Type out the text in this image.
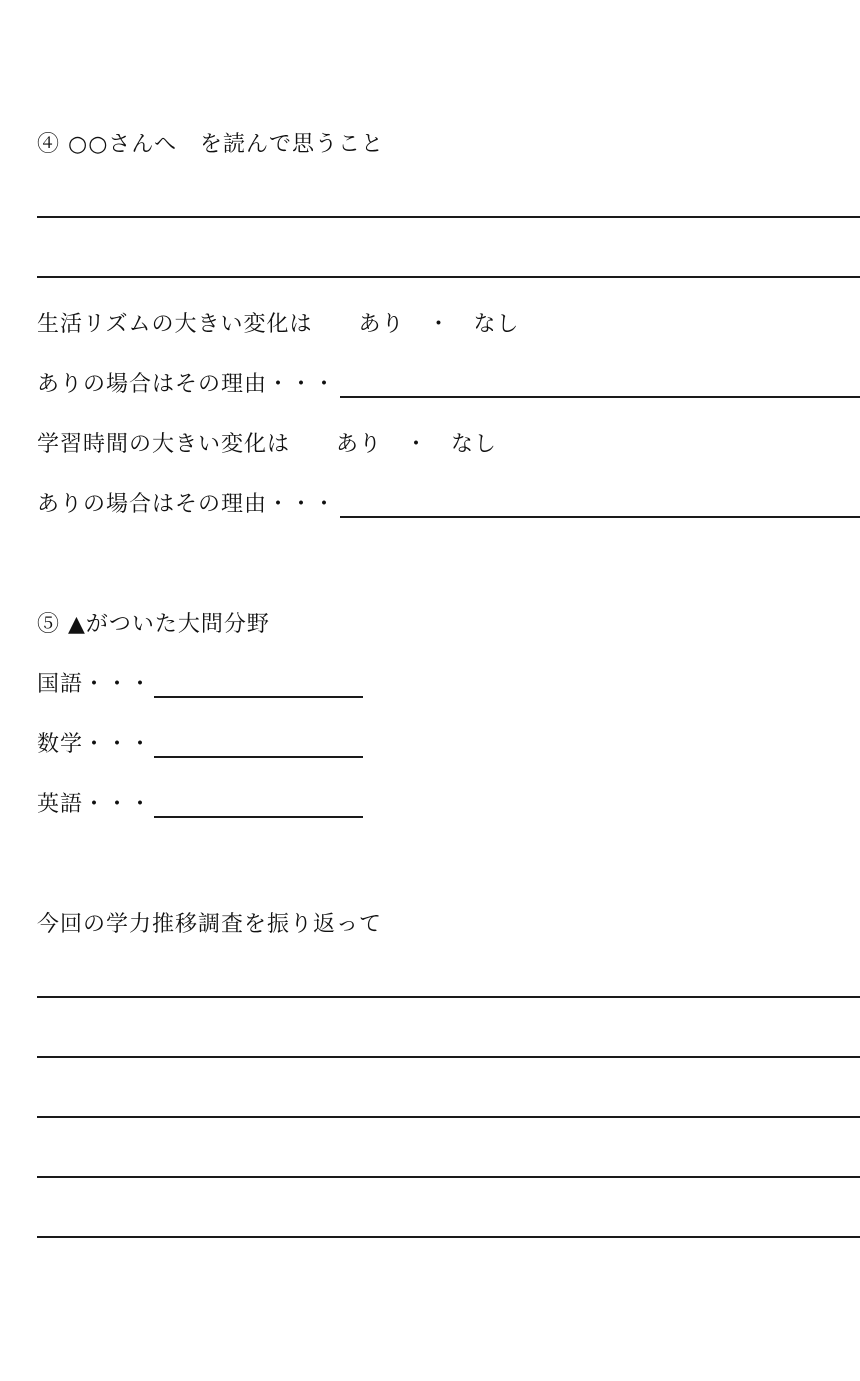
④ ○○さんへ　を読んで思うこと
生活リズムの大きい変化は　　あり　・　なし
ありの場合はその理由・・・
学習時間の大きい変化は　　あり　・　なし
ありの場合はその理由・・・
⑤ ▲がついた大問分野
国語・・・
数学・・・
英語・・・
今回の学力推移調査を振り返って
